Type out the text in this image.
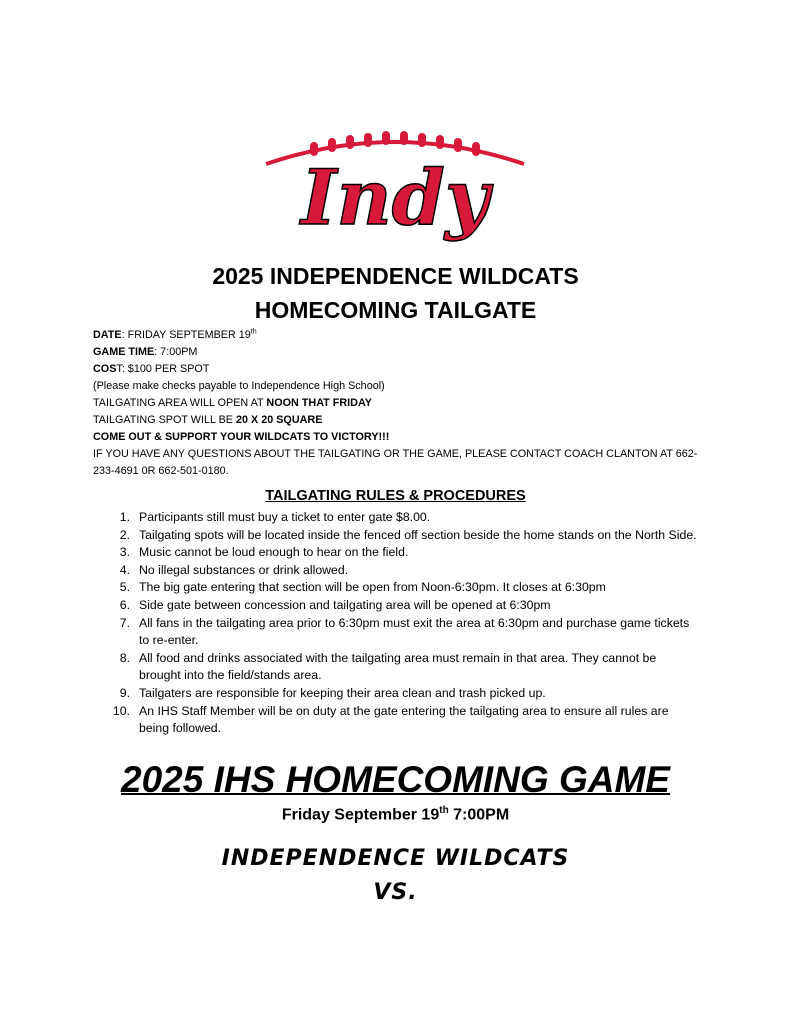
Indy
2025 INDEPENDENCE WILDCATS
HOMECOMING TAILGATE

DATE: FRIDAY SEPTEMBER 19th

GAME TIME: 7:00PM

COST: $100 PER SPOT

(Please make checks payable to Independence High School)

TAILGATING AREA WILL OPEN AT NOON THAT FRIDAY

TAILGATING SPOT WILL BE 20 X 20 SQUARE

COME OUT & SUPPORT YOUR WILDCATS TO VICTORY!!!

IF YOU HAVE ANY QUESTIONS ABOUT THE TAILGATING OR THE GAME, PLEASE CONTACT COACH CLANTON AT 662-233-4691 0R 662-501-0180.

TAILGATING RULES & PROCEDURES
1. Participants still must buy a ticket to enter gate $8.00.
2. Tailgating spots will be located inside the fenced off section beside the home stands on the North Side.
3. Music cannot be loud enough to hear on the field.
4. No illegal substances or drink allowed.
5. The big gate entering that section will be open from Noon-6:30pm. It closes at 6:30pm
6. Side gate between concession and tailgating area will be opened at 6:30pm
7. All fans in the tailgating area prior to 6:30pm must exit the area at 6:30pm and purchase game tickets to re-enter.
8. All food and drinks associated with the tailgating area must remain in that area. They cannot be brought into the field/stands area.
9. Tailgaters are responsible for keeping their area clean and trash picked up.
10. An IHS Staff Member will be on duty at the gate entering the tailgating area to ensure all rules are being followed.
2025 IHS HOMECOMING GAME
Friday September 19th 7:00PM
INDEPENDENCE WILDCATS
VS.
